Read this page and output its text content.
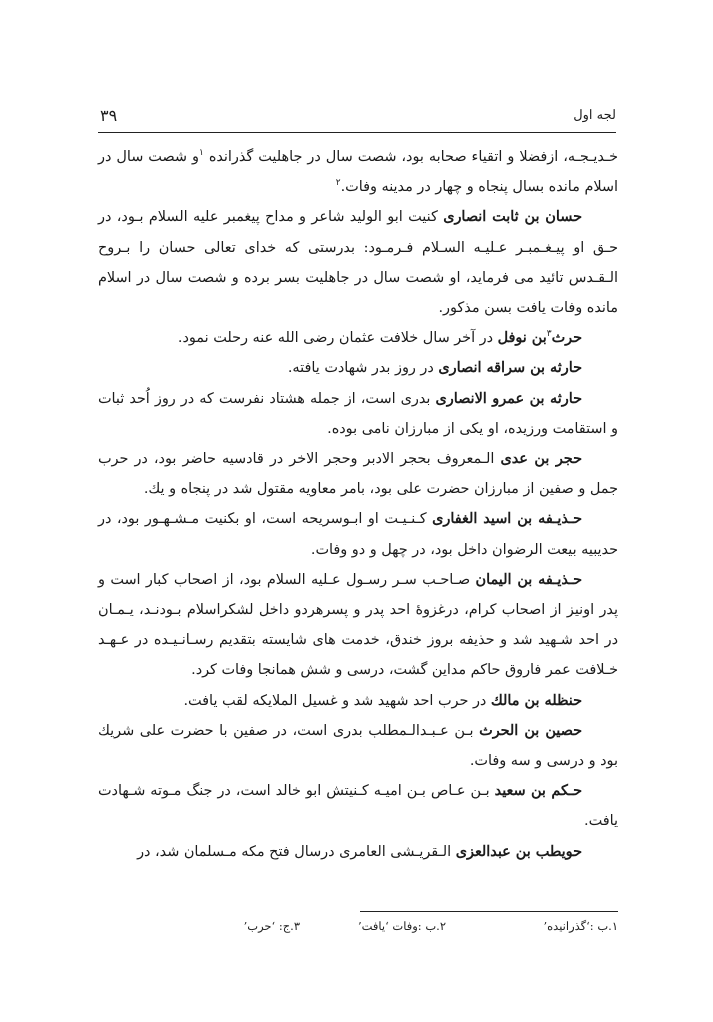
لجه اول
۳۹

خـدیـجـه، ازفضلا و اتقیاء صحابه بود، شصت سال در جاهلیت گذرانده $^۱$و شصت سال در اسلام مانده بسال پنجاه و چهار در مدینه وفات.$^۲$

حسان بن ثابت انصاری کنیت ابو الولید شاعر و مداح پیغمبر علیه السلام بـود، در حـق او پیـغـمبـر عـلیـه السـلام فـرمـود: بدرستی که خدای تعالی حسان را بـروح الـقـدس تائید می فرماید، او شصت سال در جاهلیت بسر برده و شصت سال در اسلام مانده وفات یافت بسن مذکور.

حرث$^۳$بن نوفل در آخر سال خلافت عثمان رضی الله عنه رحلت نمود.

حارثه بن سراقه انصاری در روز بدر شهادت یافته.

حارثه بن عمرو الانصاری بدری است، از جمله هشتاد نفرست که در روز اُحد ثبات و استقامت ورزیده، او یکی از مبارزان نامی بوده.

حجر بن عدی الـمعروف بحجر الادبر وحجر الاخر در قادسیه حاضر بود، در حرب جمل و صفین از مبارزان حضرت علی بود، بامر معاویه مقتول شد در پنجاه و یك.

حـذیـفه بن اسید الغفاری کـنـیـت او ابـوسریحه است، او بکنیت مـشـهـور بود، در حدیبیه بیعت الرضوان داخل بود، در چهل و دو وفات.

حـذیـفه بن الیمان صـاحـب سـر رسـول عـلیه السلام بود، از اصحاب کبار است و پدر اونیز از اصحاب کرام، درغزوهٔ احد پدر و پسرهردو داخل لشکراسلام بـودنـد، یـمـان در احد شـهید شد و حذیفه بروز خندق، خدمت های شایسته بتقدیم رسـانـیـده در عـهـد خـلافت عمر فاروق حاکم مداین گشت، درسی و شش همانجا وفات کرد.

حنظله بن مالك در حرب احد شهید شد و غسیل الملایکه لقب یافت.

حصین بن الحرث بـن عـبـدالـمطلب بدری است، در صفین با حضرت علی شریك بود و درسی و سه وفات.

حـکم بن سعید بـن عـاص بـن امیـه کـنیتش ابو خالد است، در جنگ مـوته شـهادت یافت.

حویطب بن عبدالعزی الـقریـشی العامری درسال فتح مکه مـسلمان شد، در

۱.ب :‘گذرانیده’
۲.ب :وفات ‘یافت’
۳.ج: ‘حرب’
